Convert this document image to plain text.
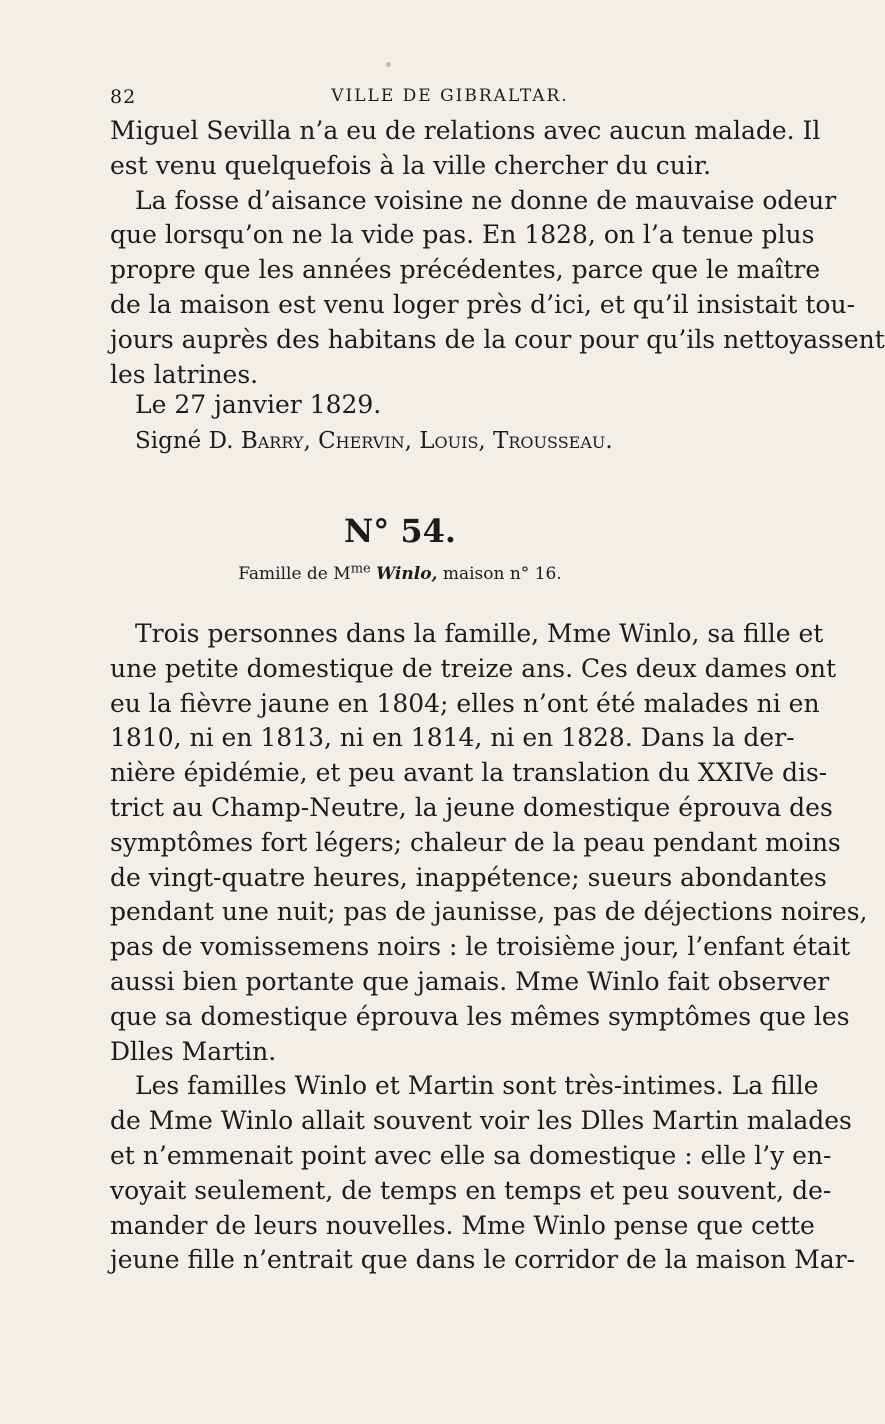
82	VILLE DE GIBRALTAR.
Miguel Sevilla n’a eu de relations avec aucun malade. Il
est venu quelquefois à la ville chercher du cuir.
La fosse d’aisance voisine ne donne de mauvaise odeur
que lorsqu’on ne la vide pas. En 1828, on l’a tenue plus
propre que les années précédentes, parce que le maître
de la maison est venu loger près d’ici, et qu’il insistait tou-
jours auprès des habitans de la cour pour qu’ils nettoyassent
les latrines.
Le 27 janvier 1829.
Signé D. Barry, Chervin, Louis, Trousseau.
N° 54.
Famille de $M^{me}$ Winlo, maison n° 16.
Trois personnes dans la famille, Mme Winlo, sa fille et
une petite domestique de treize ans. Ces deux dames ont
eu la fièvre jaune en 1804; elles n’ont été malades ni en
1810, ni en 1813, ni en 1814, ni en 1828. Dans la der-
nière épidémie, et peu avant la translation du XXIVe dis-
trict au Champ-Neutre, la jeune domestique éprouva des
symptômes fort légers; chaleur de la peau pendant moins
de vingt-quatre heures, inappétence; sueurs abondantes
pendant une nuit; pas de jaunisse, pas de déjections noires,
pas de vomissemens noirs : le troisième jour, l’enfant était
aussi bien portante que jamais. Mme Winlo fait observer
que sa domestique éprouva les mêmes symptômes que les
Dlles Martin.
Les familles Winlo et Martin sont très-intimes. La fille
de Mme Winlo allait souvent voir les Dlles Martin malades
et n’emmenait point avec elle sa domestique : elle l’y en-
voyait seulement, de temps en temps et peu souvent, de-
mander de leurs nouvelles. Mme Winlo pense que cette
jeune fille n’entrait que dans le corridor de la maison Mar-
